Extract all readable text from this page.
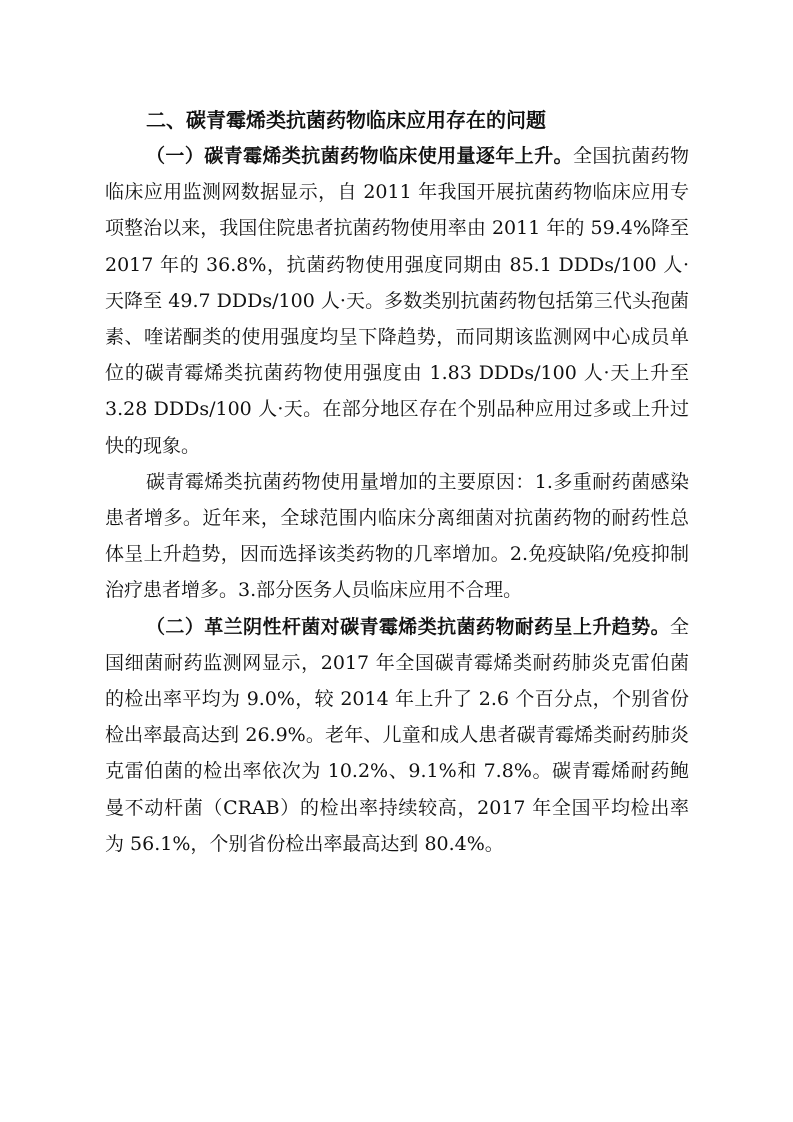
二、碳青霉烯类抗菌药物临床应用存在的问题

（一）碳青霉烯类抗菌药物临床使用量逐年上升。全国抗菌药物临床应用监测网数据显示，自 2011 年我国开展抗菌药物临床应用专项整治以来，我国住院患者抗菌药物使用率由 2011 年的 59.4%降至 2017 年的 36.8%，抗菌药物使用强度同期由 85.1 DDDs/100 人·天降至 49.7 DDDs/100 人·天。多数类别抗菌药物包括第三代头孢菌素、喹诺酮类的使用强度均呈下降趋势，而同期该监测网中心成员单位的碳青霉烯类抗菌药物使用强度由 1.83 DDDs/100 人·天上升至 3.28 DDDs/100 人·天。在部分地区存在个别品种应用过多或上升过快的现象。

碳青霉烯类抗菌药物使用量增加的主要原因：1.多重耐药菌感染患者增多。近年来，全球范围内临床分离细菌对抗菌药物的耐药性总体呈上升趋势，因而选择该类药物的几率增加。2.免疫缺陷/免疫抑制治疗患者增多。3.部分医务人员临床应用不合理。

（二）革兰阴性杆菌对碳青霉烯类抗菌药物耐药呈上升趋势。全国细菌耐药监测网显示，2017 年全国碳青霉烯类耐药肺炎克雷伯菌的检出率平均为 9.0%，较 2014 年上升了 2.6 个百分点，个别省份检出率最高达到 26.9%。老年、儿童和成人患者碳青霉烯类耐药肺炎克雷伯菌的检出率依次为 10.2%、9.1%和 7.8%。碳青霉烯耐药鲍曼不动杆菌（CRAB）的检出率持续较高，2017 年全国平均检出率为 56.1%，个别省份检出率最高达到 80.4%。
